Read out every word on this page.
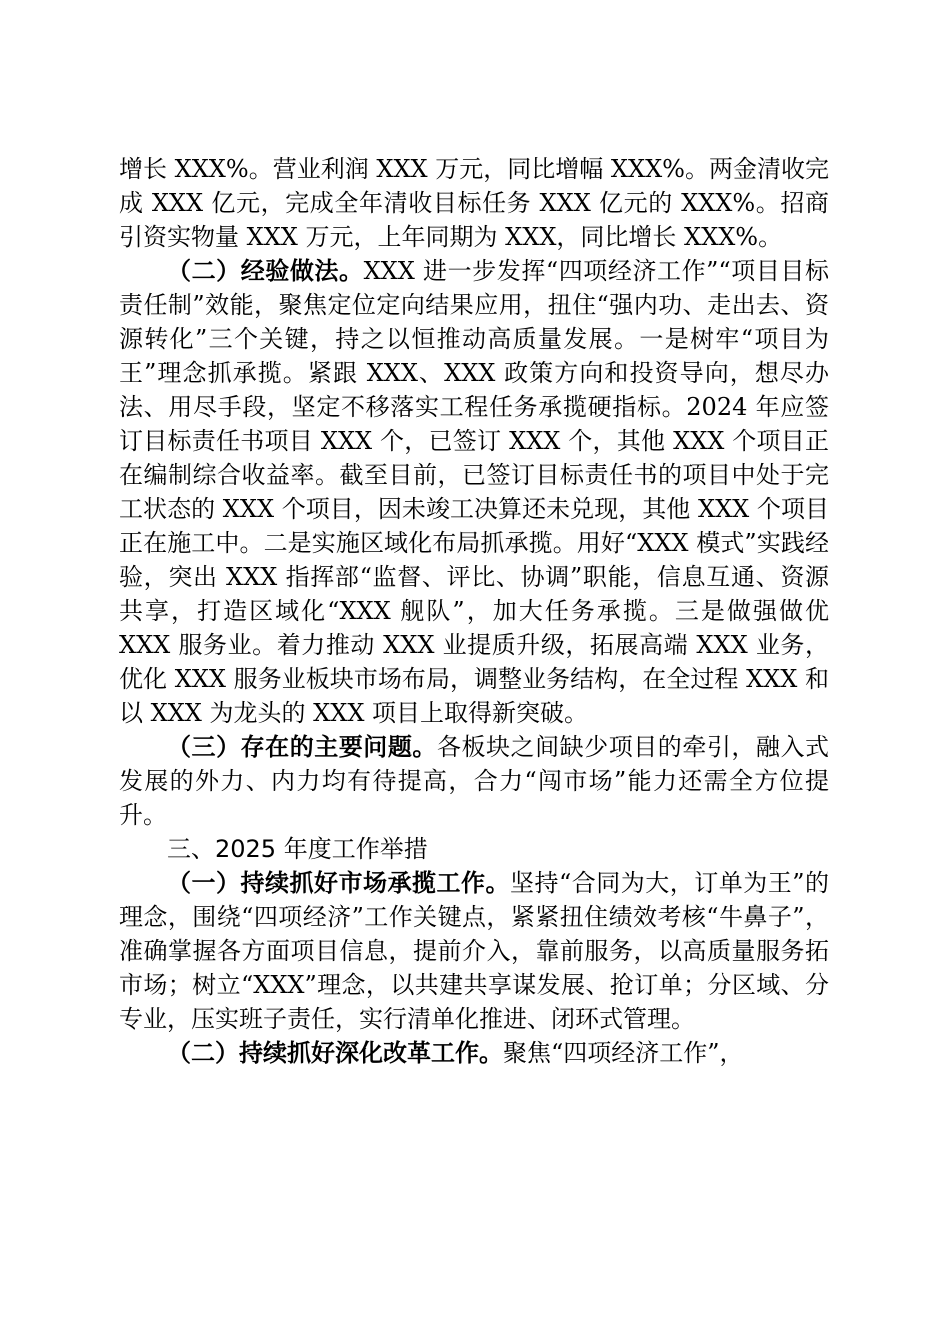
增长 XXX%。营业利润 XXX 万元，同比增幅 XXX%。两金清收完成 XXX 亿元，完成全年清收目标任务 XXX 亿元的 XXX%。招商引资实物量 XXX 万元，上年同期为 XXX，同比增长 XXX%。

（二）经验做法。XXX 进一步发挥“四项经济工作”“项目目标责任制”效能，聚焦定位定向结果应用，扭住“强内功、走出去、资源转化”三个关键，持之以恒推动高质量发展。一是树牢“项目为王”理念抓承揽。紧跟 XXX、XXX 政策方向和投资导向，想尽办法、用尽手段，坚定不移落实工程任务承揽硬指标。2024 年应签订目标责任书项目 XXX 个，已签订 XXX 个，其他 XXX 个项目正在编制综合收益率。截至目前，已签订目标责任书的项目中处于完工状态的 XXX 个项目，因未竣工决算还未兑现，其他 XXX 个项目正在施工中。二是实施区域化布局抓承揽。用好“XXX 模式”实践经验，突出 XXX 指挥部“监督、评比、协调”职能，信息互通、资源共享，打造区域化“XXX 舰队”，加大任务承揽。三是做强做优 XXX 服务业。着力推动 XXX 业提质升级，拓展高端 XXX 业务，优化 XXX 服务业板块市场布局，调整业务结构，在全过程 XXX 和以 XXX 为龙头的 XXX 项目上取得新突破。

（三）存在的主要问题。各板块之间缺少项目的牵引，融入式发展的外力、内力均有待提高，合力“闯市场”能力还需全方位提升。

三、2025 年度工作举措

（一）持续抓好市场承揽工作。坚持“合同为大，订单为王”的理念，围绕“四项经济”工作关键点，紧紧扭住绩效考核“牛鼻子”，准确掌握各方面项目信息，提前介入，靠前服务，以高质量服务拓市场；树立“XXX”理念，以共建共享谋发展、抢订单；分区域、分专业，压实班子责任，实行清单化推进、闭环式管理。

（二）持续抓好深化改革工作。聚焦“四项经济工作”，
